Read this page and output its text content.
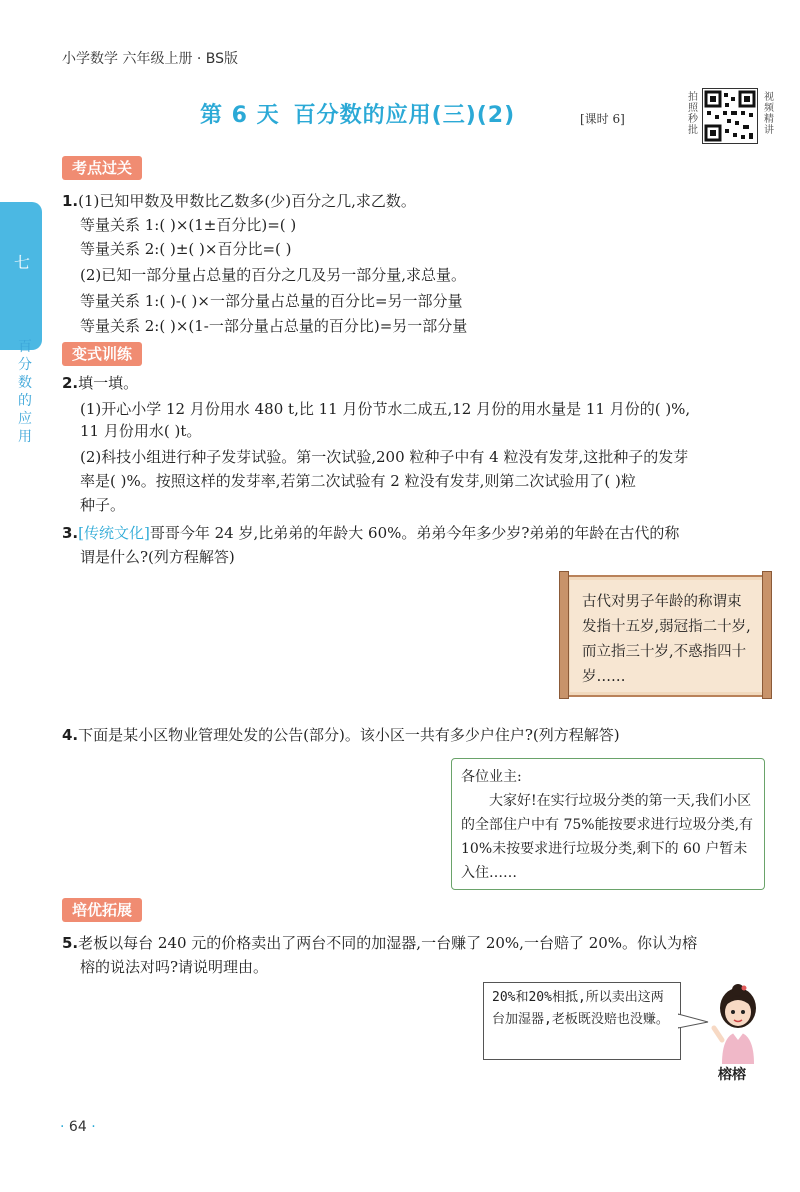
小学数学 六年级上册 · BS版
第 6 天 百分数的应用(三)(2)	[课时 6]
拍照秒批
视频精讲
七
百分数的应用
考点过关
1.(1)已知甲数及甲数比乙数多(少)百分之几,求乙数。
等量关系 1:( )×(1±百分比)=( )
等量关系 2:( )±( )×百分比=( )
(2)已知一部分量占总量的百分之几及另一部分量,求总量。
等量关系 1:( )-( )×一部分量占总量的百分比=另一部分量
等量关系 2:( )×(1-一部分量占总量的百分比)=另一部分量
变式训练
2.填一填。
(1)开心小学 12 月份用水 480 t,比 11 月份节水二成五,12 月份的用水量是 11 月份的( )%,
11 月份用水( )t。
(2)科技小组进行种子发芽试验。第一次试验,200 粒种子中有 4 粒没有发芽,这批种子的发芽
率是( )%。按照这样的发芽率,若第二次试验有 2 粒没有发芽,则第二次试验用了( )粒
种子。
3.[传统文化]哥哥今年 24 岁,比弟弟的年龄大 60%。弟弟今年多少岁?弟弟的年龄在古代的称
谓是什么?(列方程解答)
古代对男子年龄的称谓束发指十五岁,弱冠指二十岁,而立指三十岁,不惑指四十岁……
4.下面是某小区物业管理处发的公告(部分)。该小区一共有多少户住户?(列方程解答)
各位业主:
大家好!在实行垃圾分类的第一天,我们小区的全部住户中有 75%能按要求进行垃圾分类,有 10%未按要求进行垃圾分类,剩下的 60 户暂未入住……
培优拓展
5.老板以每台 240 元的价格卖出了两台不同的加湿器,一台赚了 20%,一台赔了 20%。你认为榕
榕的说法对吗?请说明理由。
20%和20%相抵,所以卖出这两台加湿器,老板既没赔也没赚。
榕榕
· 64 ·
